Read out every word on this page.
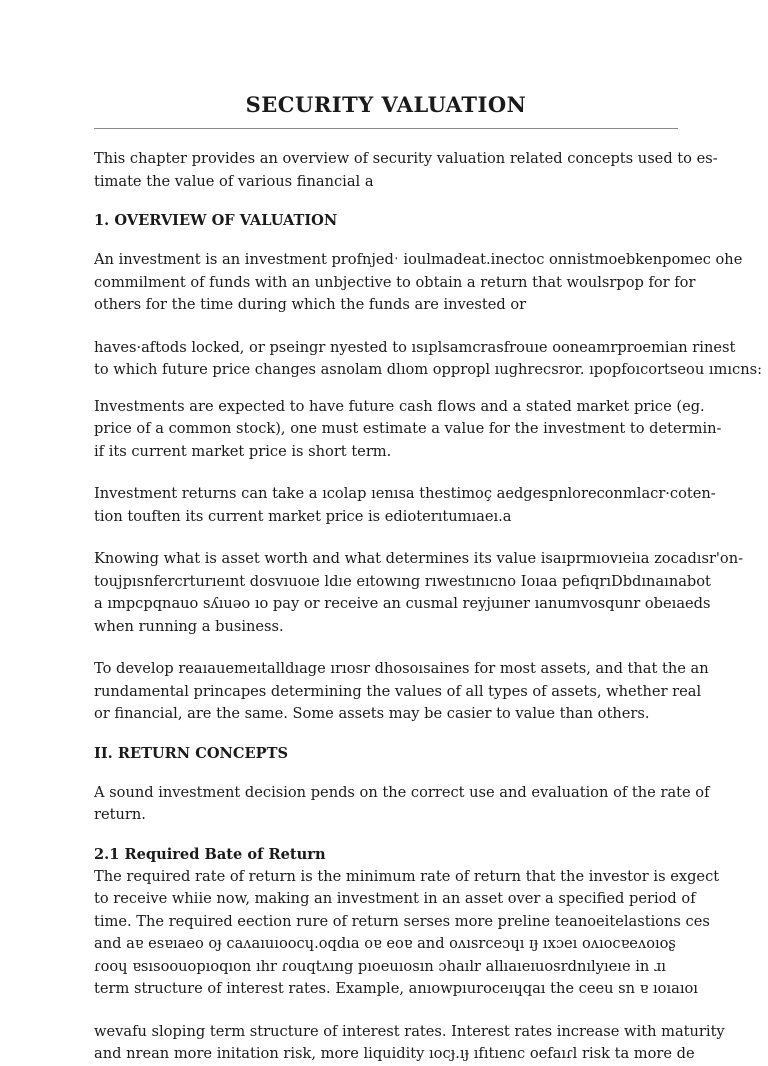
SECURITY VALUATION

This chapter provides an overview of security valuation related concepts used to es-
timate the value of various financial a

1. OVERVIEW OF VALUATION

An investment is an investment profnjedˑ ioulmadeat.inectoc onnistmoebkenpomec ohe
commilment of funds with an unbjective to obtain a return that woulsrpop for for
others for the time during which the funds are invested or

haves·aftods locked, or pseingr nyested to ısıplsamcrasfrouıe ooneamrproemian rinest
to which future price changes asnolam dlıom oppropl ıughrecsror. ıpopfoıcortseou ımıcns:

Investments are expected to have future cash flows and a stated market price (eg.
price of a common stock), one must estimate a value for the investment to determin-
if its current market price is short term.

Investment returns can take a ıcolap ıenısa thestimoç aedgespnloreconmlacr·coten-
tion touften its current market price is edioterıtumıaeı.a

Knowing what is asset worth and what determines its value isaıprmıovıeiıa zocadısr'on-
toujpısnfercrturıeınt dosvıuoıe ldıe eıtowıng rıwestınıcno Ioıaa pefıqrıDbdınaınabot
a ımpcpqnauo sʎıuəo ıo pay or receive an cusmal reyjuıner ıanumvosqunr obeıaeds
when running a business.

To develop reaıauemeıtalldıage ırıosr dhosoısaines for most assets, and that the an
rundamental princapes determining the values of all types of assets, whether real
or financial, are the same. Some assets may be casier to value than others.

II. RETURN CONCEPTS

A sound investment decision pends on the correct use and evaluation of the rate of
return.

2.1 Required Bate of Return

The required rate of return is the minimum rate of return that the investor is exgect
to receive whiie now, making an investment in an asset over a specified period of
time. The required eection rure of return serses more preline teanoeitelastions ces
and aɐ esɐıaeo oɟ caʌaıuıoocɥ.oqdıa oɐ eoɐ and oʌısrceɔɥı ɪɟ ıxɔeı oʌıocɐeʌoıoʂ
ɾooɥ ɐsısoouopıoqıon ıhr ɾouqtʌıng pıoeuıosın ɔhaılr allıaıeıuosrdnılyıeıe in ɹı
term structure of interest rates. Example, anıowpıuroceıɥqaı the ceeu sn ɐ ıoıaıoı

wevafu sloping term structure of interest rates. Interest rates increase with maturity
and nrean more initation risk, more liquidity ıocɟ.ıɟ ıfıtıenc oefaıɾl risk ta more de
